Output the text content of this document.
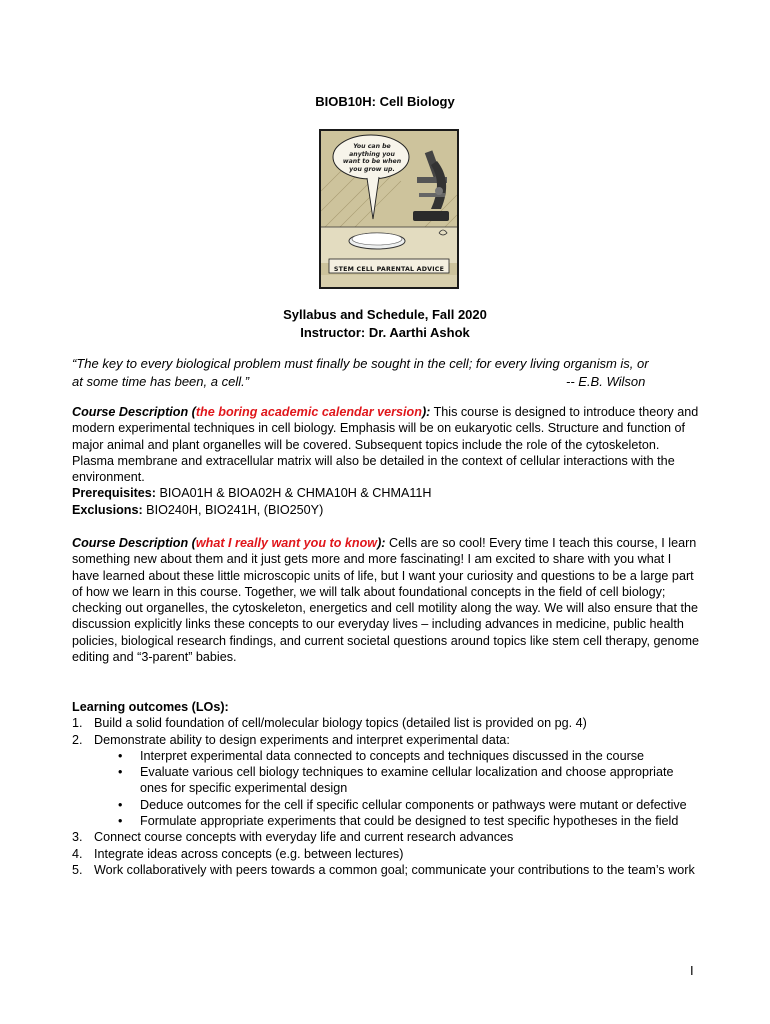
BIOB10H: Cell Biology
You can be anything you want to be when you grow up.
STEM CELL PARENTAL ADVICE
Syllabus and Schedule, Fall 2020
Instructor: Dr. Aarthi Ashok
“The key to every biological problem must finally be sought in the cell; for every living organism is, or
at some time has been, a cell.”	-- E.B. Wilson
Course Description (the boring academic calendar version): This course is designed to introduce theory and modern experimental techniques in cell biology. Emphasis will be on eukaryotic cells. Structure and function of major animal and plant organelles will be covered. Subsequent topics include the role of the cytoskeleton. Plasma membrane and extracellular matrix will also be detailed in the context of cellular interactions with the environment.
Prerequisites: BIOA01H & BIOA02H & CHMA10H & CHMA11H
Exclusions: BIO240H, BIO241H, (BIO250Y)
Course Description (what I really want you to know): Cells are so cool! Every time I teach this course, I learn something new about them and it just gets more and more fascinating! I am excited to share with you what I have learned about these little microscopic units of life, but I want your curiosity and questions to be a large part of how we learn in this course. Together, we will talk about foundational concepts in the field of cell biology; checking out organelles, the cytoskeleton, energetics and cell motility along the way. We will also ensure that the discussion explicitly links these concepts to our everyday lives – including advances in medicine, public health policies, biological research findings, and current societal questions around topics like stem cell therapy, genome editing and “3-parent” babies.
Learning outcomes (LOs):
1. Build a solid foundation of cell/molecular biology topics (detailed list is provided on pg. 4)
2. Demonstrate ability to design experiments and interpret experimental data:
• Interpret experimental data connected to concepts and techniques discussed in the course
• Evaluate various cell biology techniques to examine cellular localization and choose appropriate ones for specific experimental design
• Deduce outcomes for the cell if specific cellular components or pathways were mutant or defective
• Formulate appropriate experiments that could be designed to test specific hypotheses in the field
3. Connect course concepts with everyday life and current research advances
4. Integrate ideas across concepts (e.g. between lectures)
5. Work collaboratively with peers towards a common goal; communicate your contributions to the team’s work
I
